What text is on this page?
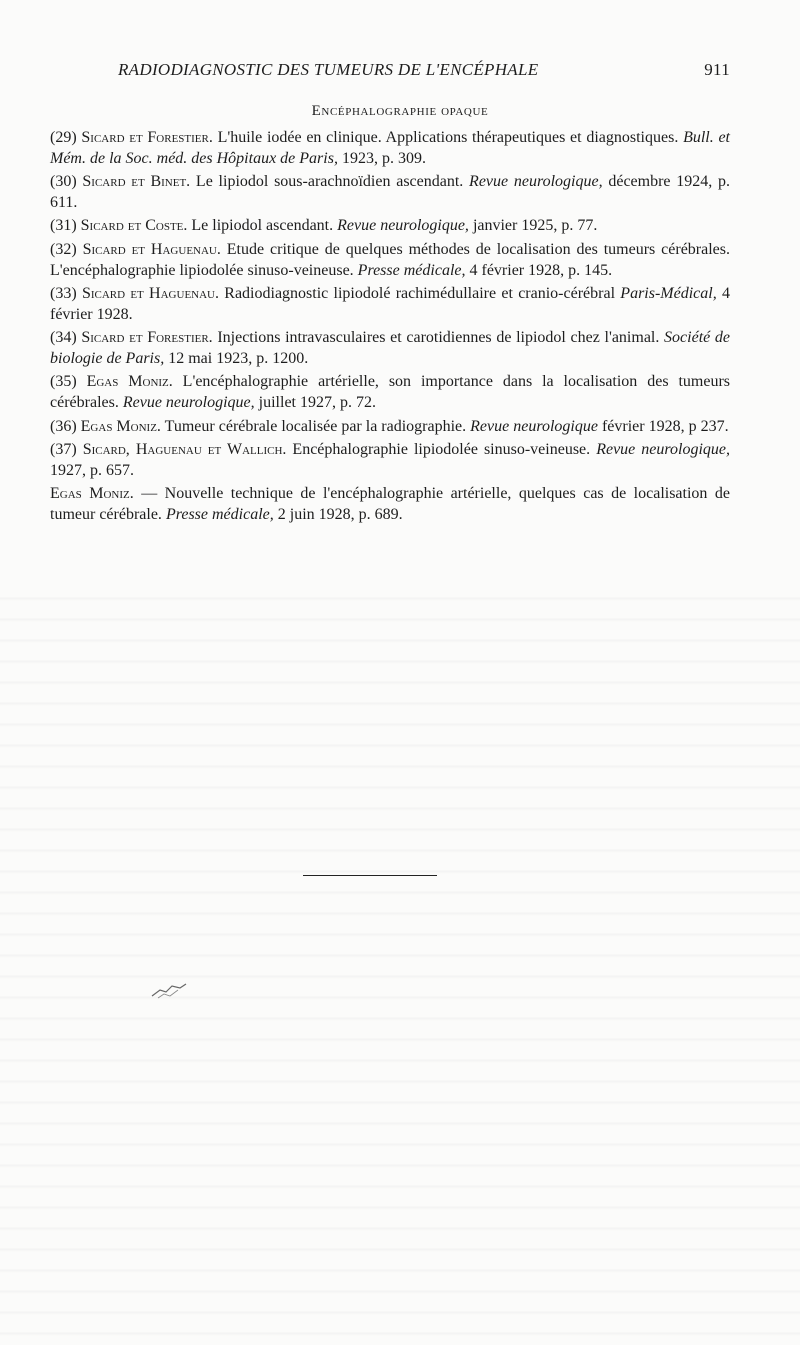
RADIODIAGNOSTIC DES TUMEURS DE L'ENCÉPHALE	911
Encéphalographie opaque

(29) Sicard et Forestier. L'huile iodée en clinique. Applications thérapeutiques et diagnostiques. Bull. et Mém. de la Soc. méd. des Hôpitaux de Paris, 1923, p. 309.

(30) Sicard et Binet. Le lipiodol sous-arachnoïdien ascendant. Revue neurologique, décembre 1924, p. 611.

(31) Sicard et Coste. Le lipiodol ascendant. Revue neurologique, janvier 1925, p. 77.

(32) Sicard et Haguenau. Etude critique de quelques méthodes de localisation des tumeurs cérébrales. L'encéphalographie lipiodolée sinuso-veineuse. Presse médicale, 4 février 1928, p. 145.

(33) Sicard et Haguenau. Radiodiagnostic lipiodolé rachimédullaire et cranio-cérébral Paris-Médical, 4 février 1928.

(34) Sicard et Forestier. Injections intravasculaires et carotidiennes de lipiodol chez l'animal. Société de biologie de Paris, 12 mai 1923, p. 1200.

(35) Egas Moniz. L'encéphalographie artérielle, son importance dans la localisation des tumeurs cérébrales. Revue neurologique, juillet 1927, p. 72.

(36) Egas Moniz. Tumeur cérébrale localisée par la radiographie. Revue neurologique février 1928, p 237.

(37) Sicard, Haguenau et Wallich. Encéphalographie lipiodolée sinuso-veineuse. Revue neurologique, 1927, p. 657.

Egas Moniz. — Nouvelle technique de l'encéphalographie artérielle, quelques cas de localisation de tumeur cérébrale. Presse médicale, 2 juin 1928, p. 689.
